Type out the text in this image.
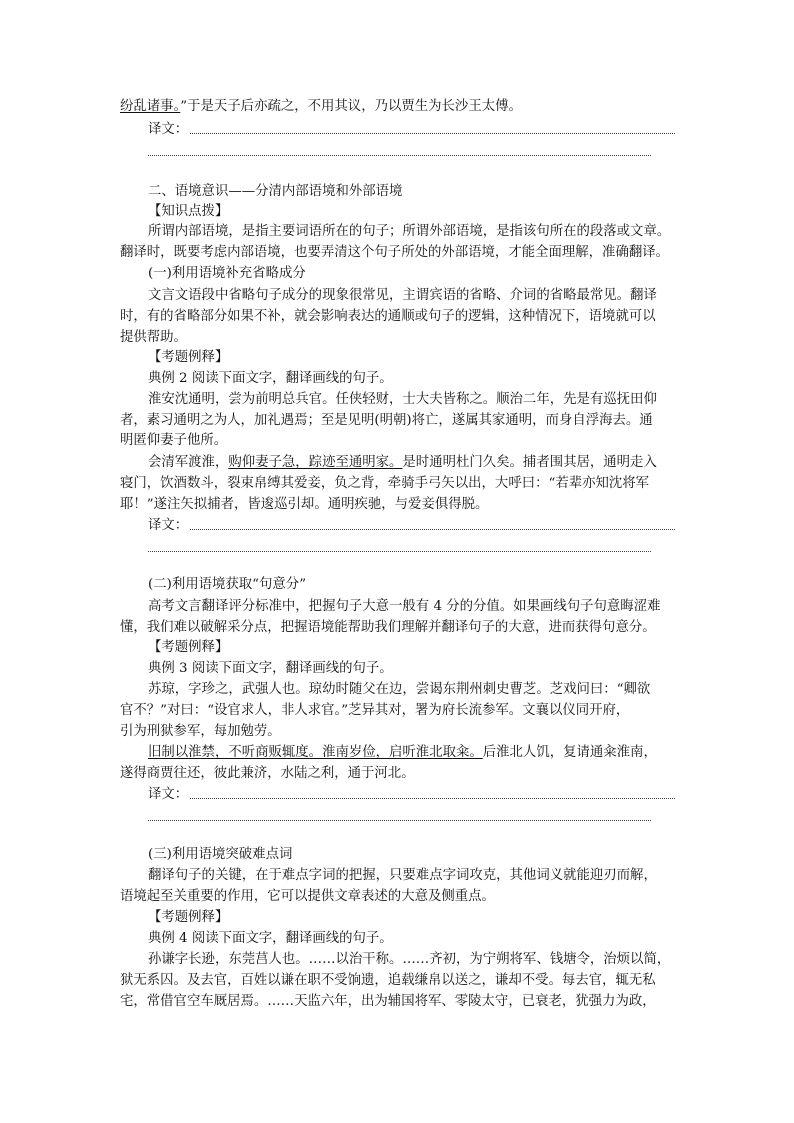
纷乱诸事。”于是天子后亦疏之，不用其议，乃以贾生为长沙王太傅。
译文：
二、语境意识——分清内部语境和外部语境
【知识点拨】
所谓内部语境，是指主要词语所在的句子；所谓外部语境，是指该句所在的段落或文章。
翻译时，既要考虑内部语境，也要弄清这个句子所处的外部语境，才能全面理解，准确翻译。
(一)利用语境补充省略成分
文言文语段中省略句子成分的现象很常见，主谓宾语的省略、介词的省略最常见。翻译
时，有的省略部分如果不补，就会影响表达的通顺或句子的逻辑，这种情况下，语境就可以
提供帮助。
【考题例释】
典例 2 阅读下面文字，翻译画线的句子。
淮安沈通明，尝为前明总兵官。任侠轻财，士大夫皆称之。顺治二年，先是有巡抚田仰
者，素习通明之为人，加礼遇焉；至是见明(明朝)将亡，遂属其家通明，而身自浮海去。通
明匿仰妻子他所。
会清军渡淮，购仰妻子急，踪迹至通明家。是时通明杜门久矣。捕者围其居，通明走入
寝门，饮酒数斗，裂束帛缚其爱妾，负之背，牵骑手弓矢以出，大呼曰：“若辈亦知沈将军
耶！”遂注矢拟捕者，皆逡巡引却。通明疾驰，与爱妾俱得脱。
译文：
(二)利用语境获取“句意分”
高考文言翻译评分标准中，把握句子大意一般有 4 分的分值。如果画线句子句意晦涩难
懂，我们难以破解采分点，把握语境能帮助我们理解并翻译句子的大意，进而获得句意分。
【考题例释】
典例 3 阅读下面文字，翻译画线的句子。
苏琼，字珍之，武强人也。琼幼时随父在边，尝谒东荆州刺史曹芝。芝戏问曰：“卿欲
官不？”对曰：“设官求人，非人求官。”芝异其对，署为府长流参军。文襄以仪同开府，
引为刑狱参军，每加勉劳。
旧制以淮禁，不听商贩辄度。淮南岁俭，启听淮北取籴。后淮北人饥，复请通籴淮南，
遂得商贾往还，彼此兼济，水陆之利，通于河北。
译文：
(三)利用语境突破难点词
翻译句子的关键，在于难点字词的把握，只要难点字词攻克，其他词义就能迎刃而解，
语境起至关重要的作用，它可以提供文章表述的大意及侧重点。
【考题例释】
典例 4 阅读下面文字，翻译画线的句子。
孙谦字长逊，东莞莒人也。……以治干称。……齐初，为宁朔将军、钱塘令，治烦以简，
狱无系囚。及去官，百姓以谦在职不受饷遗，追载缣帛以送之，谦却不受。每去官，辄无私
宅，常借官空车厩居焉。……天监六年，出为辅国将军、零陵太守，已衰老，犹强力为政，
